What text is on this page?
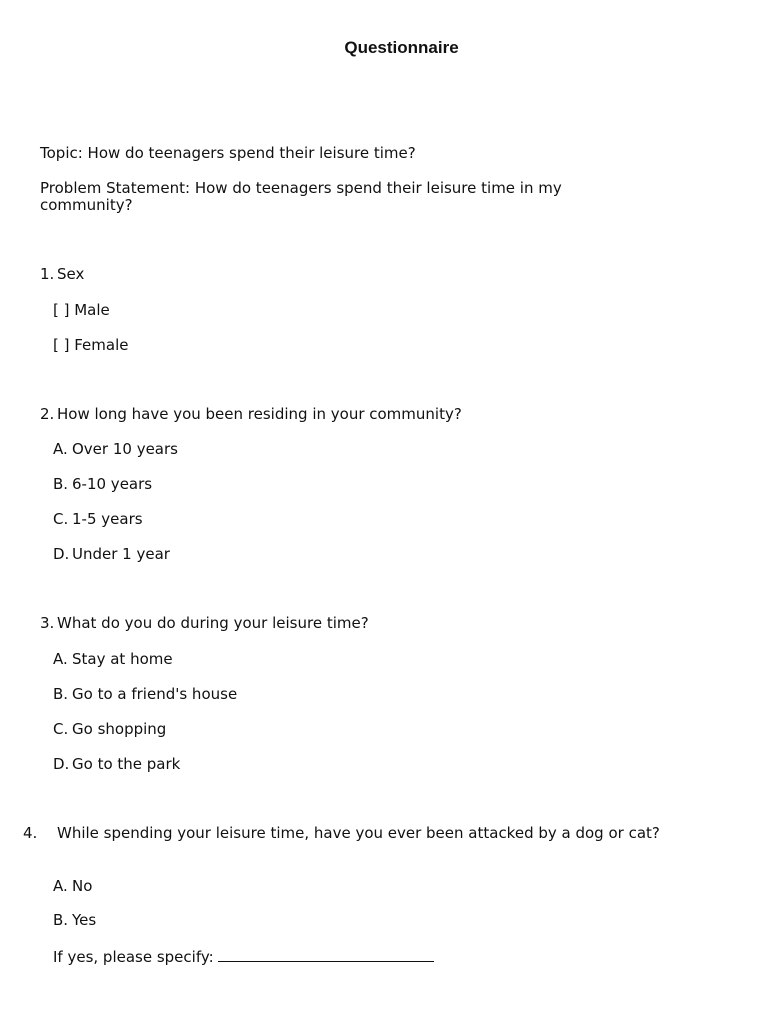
Questionnaire
Topic: How do teenagers spend their leisure time?
Problem Statement: How do teenagers spend their leisure time in my community?
1. Sex
[ ] Male
[ ] Female
2. How long have you been residing in your community?
A. Over 10 years
B. 6-10 years
C. 1-5 years
D. Under 1 year
3. What do you do during your leisure time?
A. Stay at home
B. Go to a friend's house
C. Go shopping
D. Go to the park
4. While spending your leisure time, have you ever been attacked by a dog or cat?
A. No
B. Yes
If yes, please specify:
